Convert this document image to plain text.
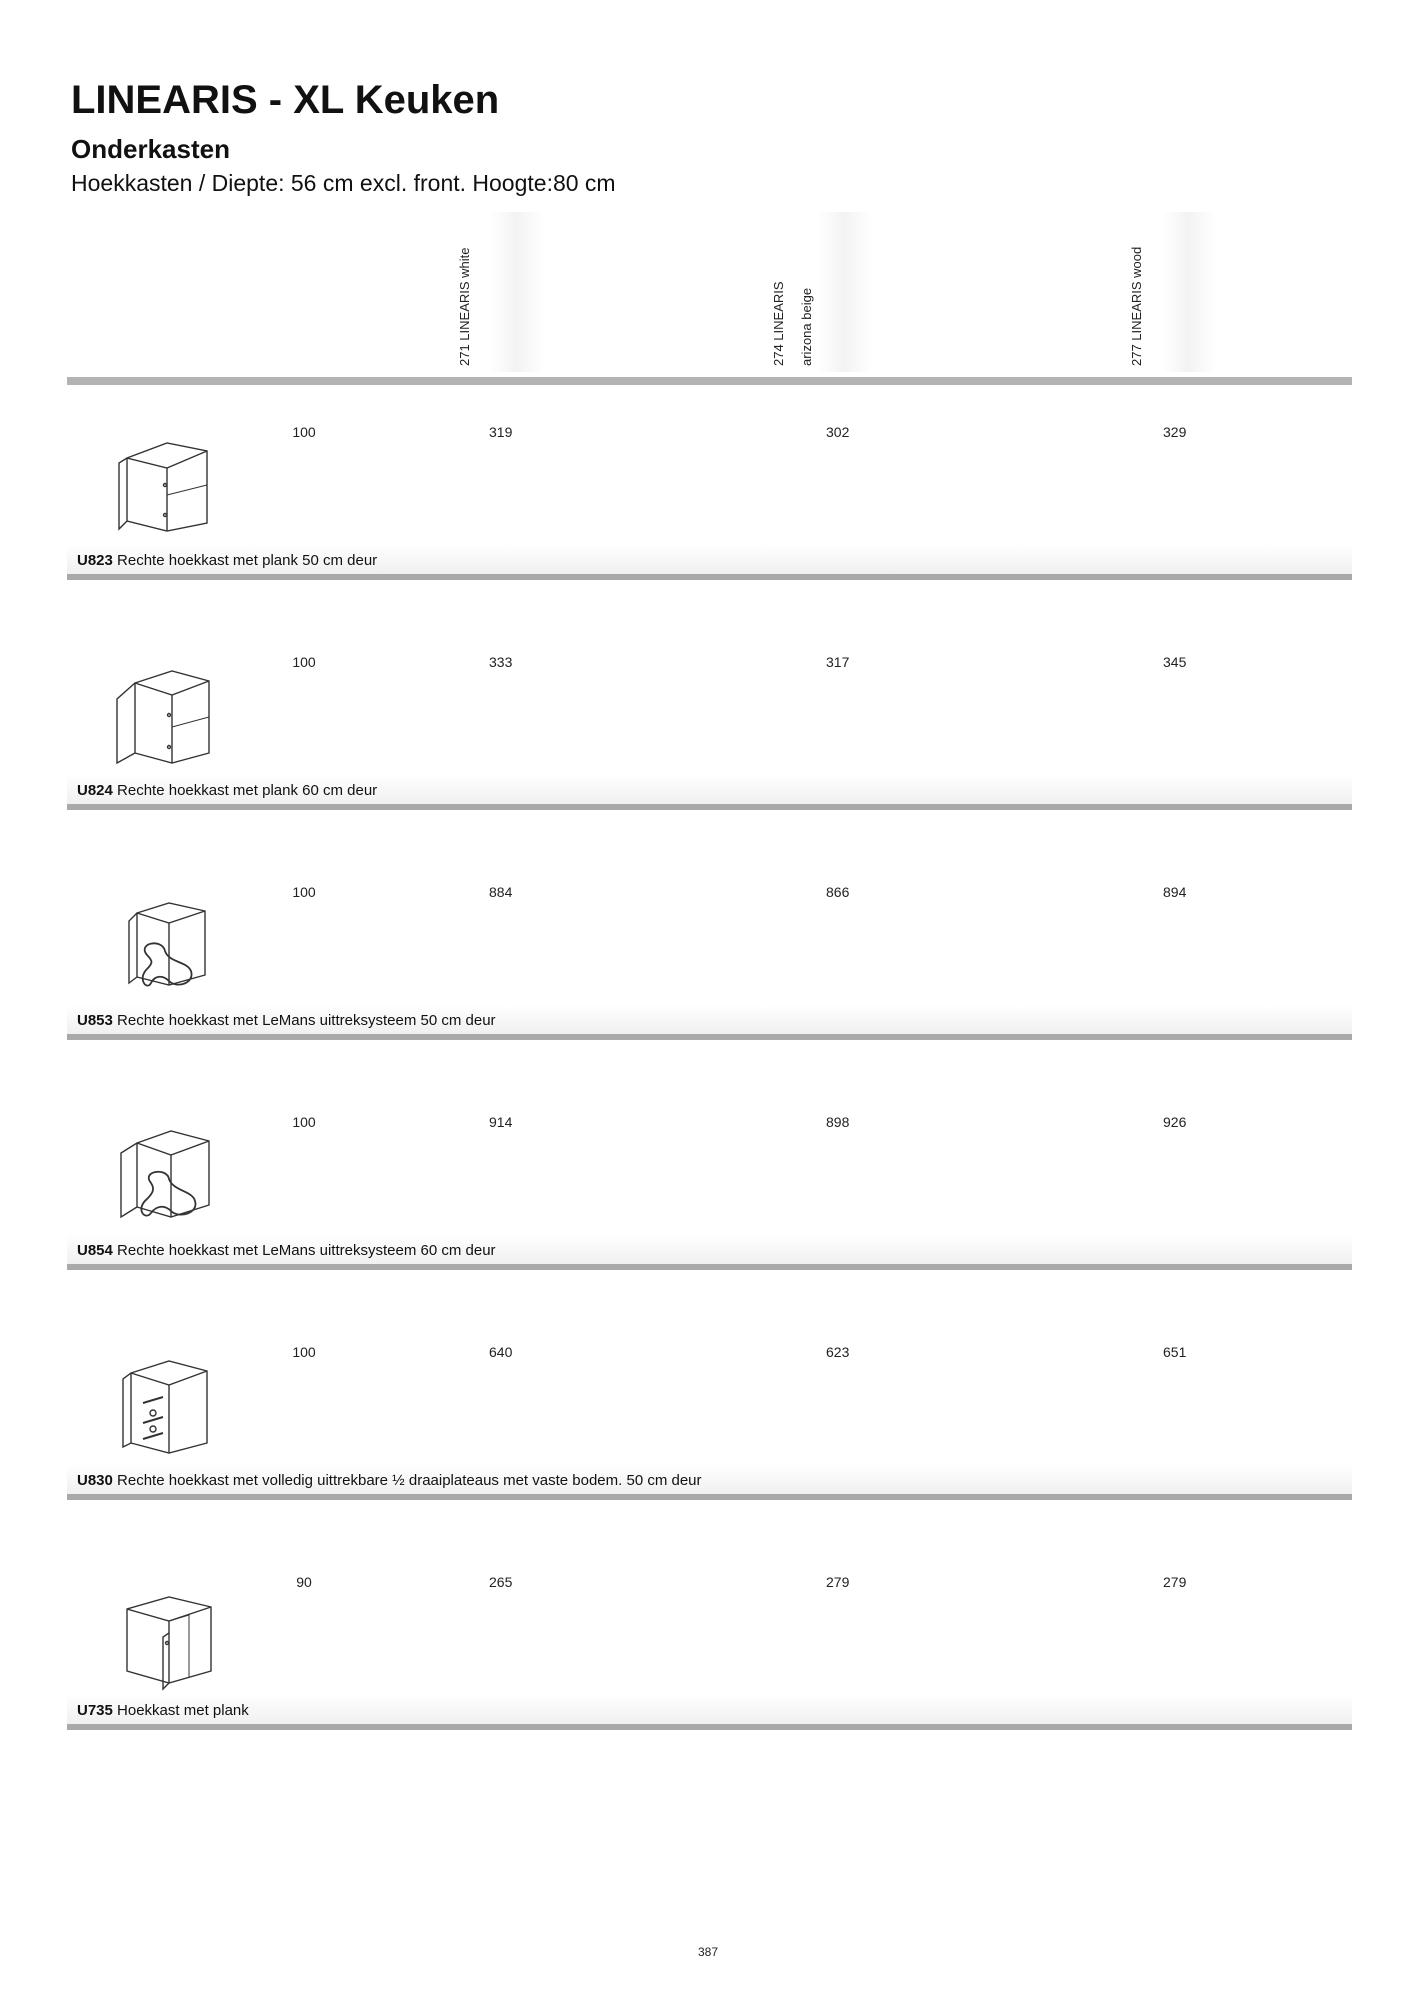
LINEARIS - XL Keuken
Onderkasten

Hoekkasten / Diepte: 56 cm excl. front. Hoogte:80 cm

271 LINEARIS white	274 LINEARIS arizona beige	277 LINEARIS wood

100	319	302	329
U823 Rechte hoekkast met plank 50 cm deur
100	333	317	345
U824 Rechte hoekkast met plank 60 cm deur
100	884	866	894
U853 Rechte hoekkast met LeMans uittreksysteem 50 cm deur
100	914	898	926
U854 Rechte hoekkast met LeMans uittreksysteem 60 cm deur
100	640	623	651
U830 Rechte hoekkast met volledig uittrekbare ½ draaiplateaus met vaste bodem. 50 cm deur
90	265	279	279
U735 Hoekkast met plank
387
